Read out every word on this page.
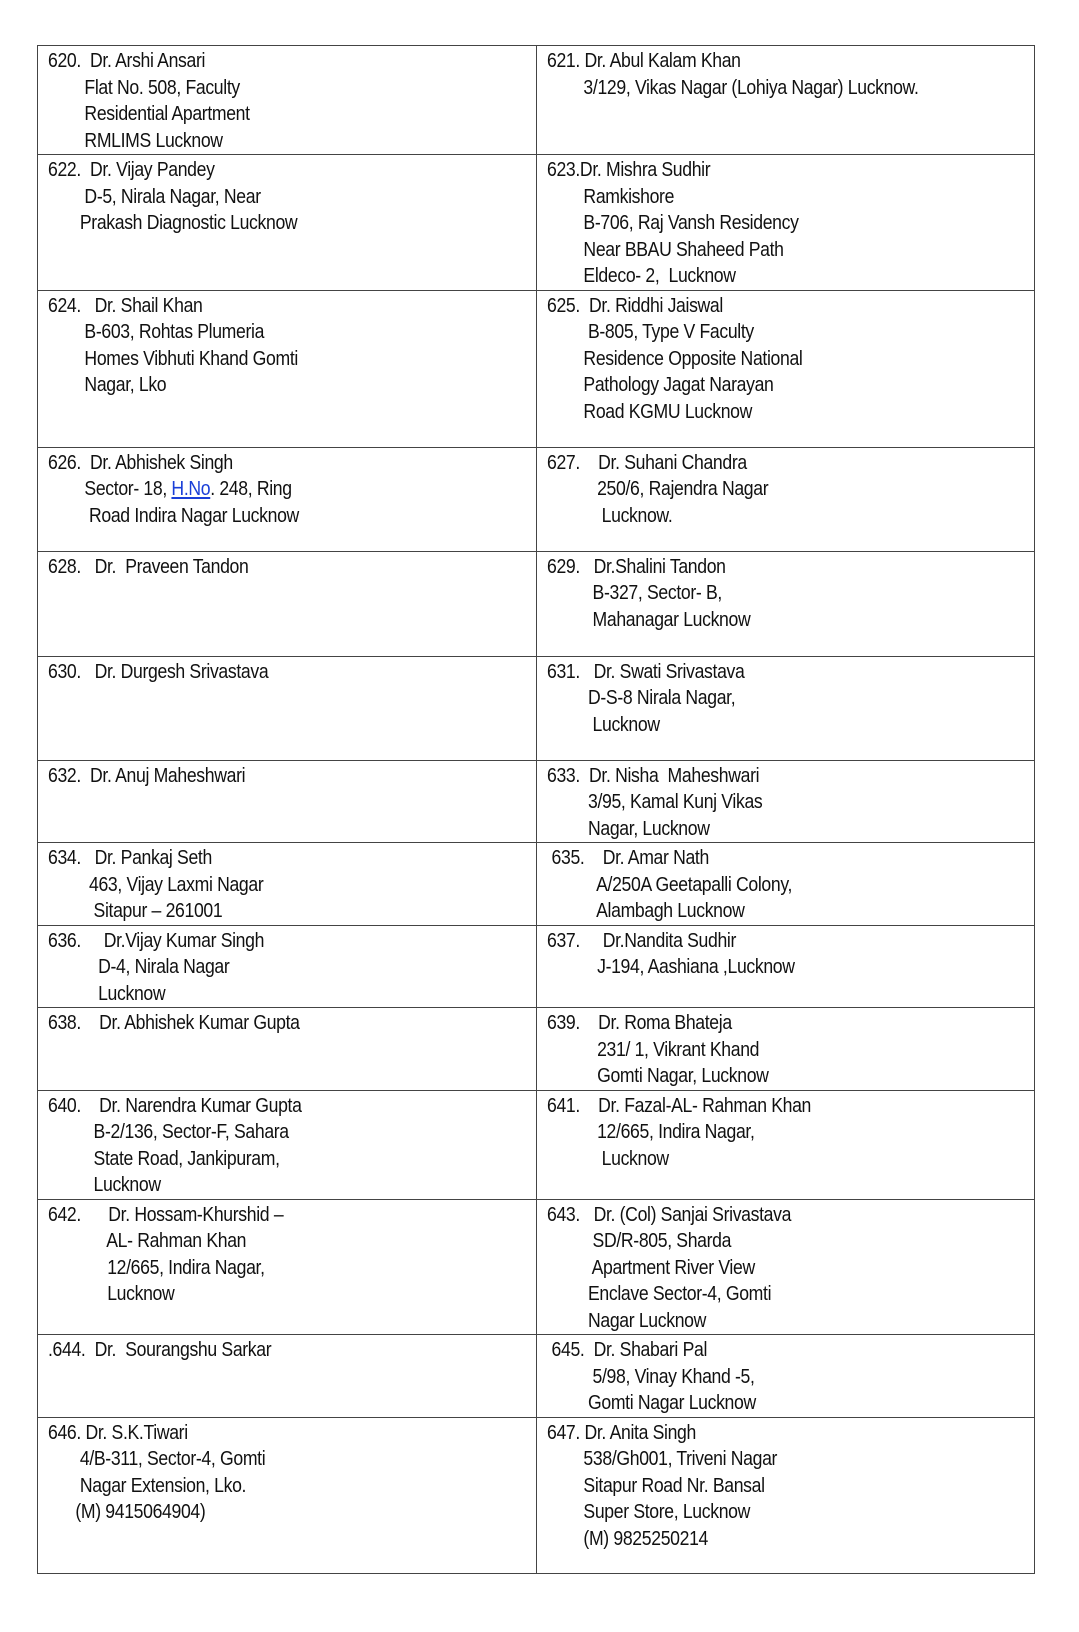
620.  Dr. Arshi Ansari
Flat No. 508, Faculty
Residential Apartment
RMLIMS Lucknow	621. Dr. Abul Kalam Khan
3/129, Vikas Nagar (Lohiya Nagar) Lucknow.

622.  Dr. Vijay Pandey
D-5, Nirala Nagar, Near
Prakash Diagnostic Lucknow	623.Dr. Mishra Sudhir
Ramkishore
B-706, Raj Vansh Residency
Near BBAU Shaheed Path
Eldeco- 2,  Lucknow

624.   Dr. Shail Khan
B-603, Rohtas Plumeria
Homes Vibhuti Khand Gomti
Nagar, Lko	625.  Dr. Riddhi Jaiswal
B-805, Type V Faculty
Residence Opposite National
Pathology Jagat Narayan
Road KGMU Lucknow

626.  Dr. Abhishek Singh
Sector- 18, H.No. 248, Ring
Road Indira Nagar Lucknow	627.    Dr. Suhani Chandra
250/6, Rajendra Nagar
Lucknow.

628.   Dr.  Praveen Tandon	629.   Dr.Shalini Tandon
B-327, Sector- B,
Mahanagar Lucknow

630.   Dr. Durgesh Srivastava	631.   Dr. Swati Srivastava
D-S-8 Nirala Nagar,
Lucknow

632.  Dr. Anuj Maheshwari	633.  Dr. Nisha  Maheshwari
3/95, Kamal Kunj Vikas
Nagar, Lucknow

634.   Dr. Pankaj Seth
463, Vijay Laxmi Nagar
Sitapur – 261001	635.    Dr. Amar Nath
A/250A Geetapalli Colony,
Alambagh Lucknow

636.     Dr.Vijay Kumar Singh
D-4, Nirala Nagar
Lucknow	637.     Dr.Nandita Sudhir
J-194, Aashiana ,Lucknow

638.    Dr. Abhishek Kumar Gupta	639.    Dr. Roma Bhateja
231/ 1, Vikrant Khand
Gomti Nagar, Lucknow

640.    Dr. Narendra Kumar Gupta
B-2/136, Sector-F, Sahara
State Road, Jankipuram,
Lucknow	641.    Dr. Fazal-AL- Rahman Khan
12/665, Indira Nagar,
Lucknow

642.      Dr. Hossam-Khurshid –
AL- Rahman Khan
12/665, Indira Nagar,
Lucknow	643.   Dr. (Col) Sanjai Srivastava
SD/R-805, Sharda
Apartment River View
Enclave Sector-4, Gomti
Nagar Lucknow

.644.  Dr.  Sourangshu Sarkar	645.  Dr. Shabari Pal
5/98, Vinay Khand -5,
Gomti Nagar Lucknow

646. Dr. S.K.Tiwari
4/B-311, Sector-4, Gomti
Nagar Extension, Lko.
(M) 9415064904)	647. Dr. Anita Singh
538/Gh001, Triveni Nagar
Sitapur Road Nr. Bansal
Super Store, Lucknow
(M) 9825250214
